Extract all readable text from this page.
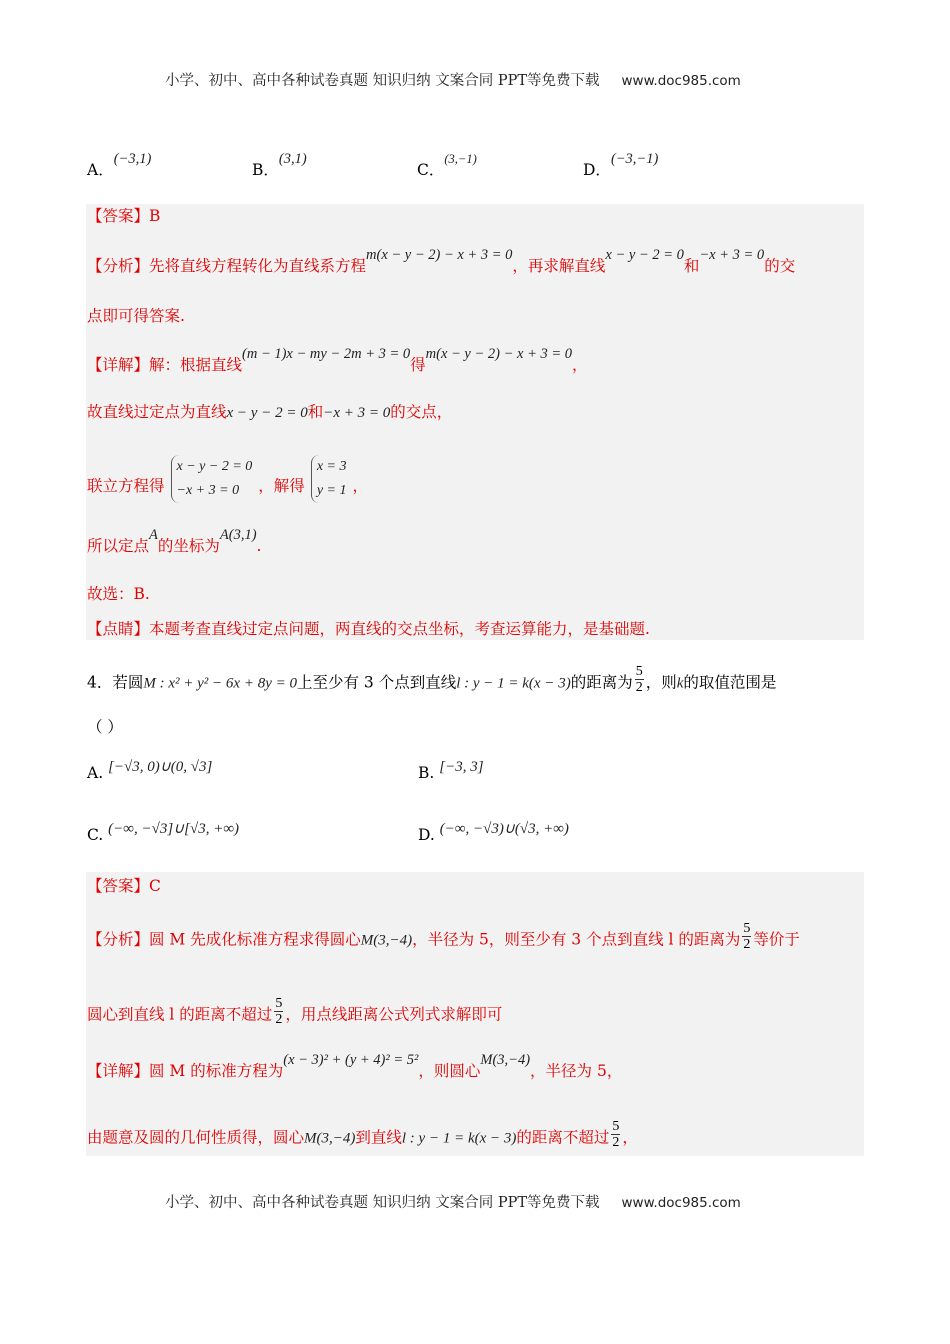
小学、初中、高中各种试卷真题 知识归纳 文案合同 PPT等免费下载 www.doc985.com
A．(−3,1)
B．(3,1)
C．$^{(3,-1)}$
D．(−3,−1)
【答案】B
【分析】先将直线方程转化为直线系方程m(x − y − 2) − x + 3 = 0，再求解直线x − y − 2 = 0和−x + 3 = 0的交
点即可得答案.
【详解】解：根据直线(m − 1)x − my − 2m + 3 = 0得m(x − y − 2) − x + 3 = 0，
故直线过定点为直线x − y − 2 = 0和−x + 3 = 0的交点，
联立方程得
x − y − 2 = 0
−x + 3 = 0	，解得
x = 3
y = 1 ，
所以定点A的坐标为A(3,1).
故选：B.
【点睛】本题考查直线过定点问题，两直线的交点坐标，考查运算能力，是基础题.
4．若圆M : x² + y² − 6x + 8y = 0上至少有 3 个点到直线l : y − 1 = k(x − 3)的距离为 $\frac{5}{2}$ ，则k的取值范围是
（ ）
A. [−√3, 0)∪(0, √3]	B. [−3, 3]
C. (−∞, −√3]∪[√3, +∞)	D. (−∞, −√3)∪(√3, +∞)
【答案】C
【分析】圆 M 先成化标准方程求得圆心M(3,−4)，半径为 5，则至少有 3 个点到直线 l 的距离为 $\frac{5}{2}$ 等价于
圆心到直线 l 的距离不超过 $\frac{5}{2}$ ，用点线距离公式列式求解即可
【详解】圆 M 的标准方程为(x − 3)² + (y + 4)² = 5²，则圆心M(3,−4)，半径为 5，
由题意及圆的几何性质得，圆心M(3,−4)到直线l : y − 1 = k(x − 3)的距离不超过 $\frac{5}{2}$ ，
小学、初中、高中各种试卷真题 知识归纳 文案合同 PPT等免费下载 www.doc985.com
